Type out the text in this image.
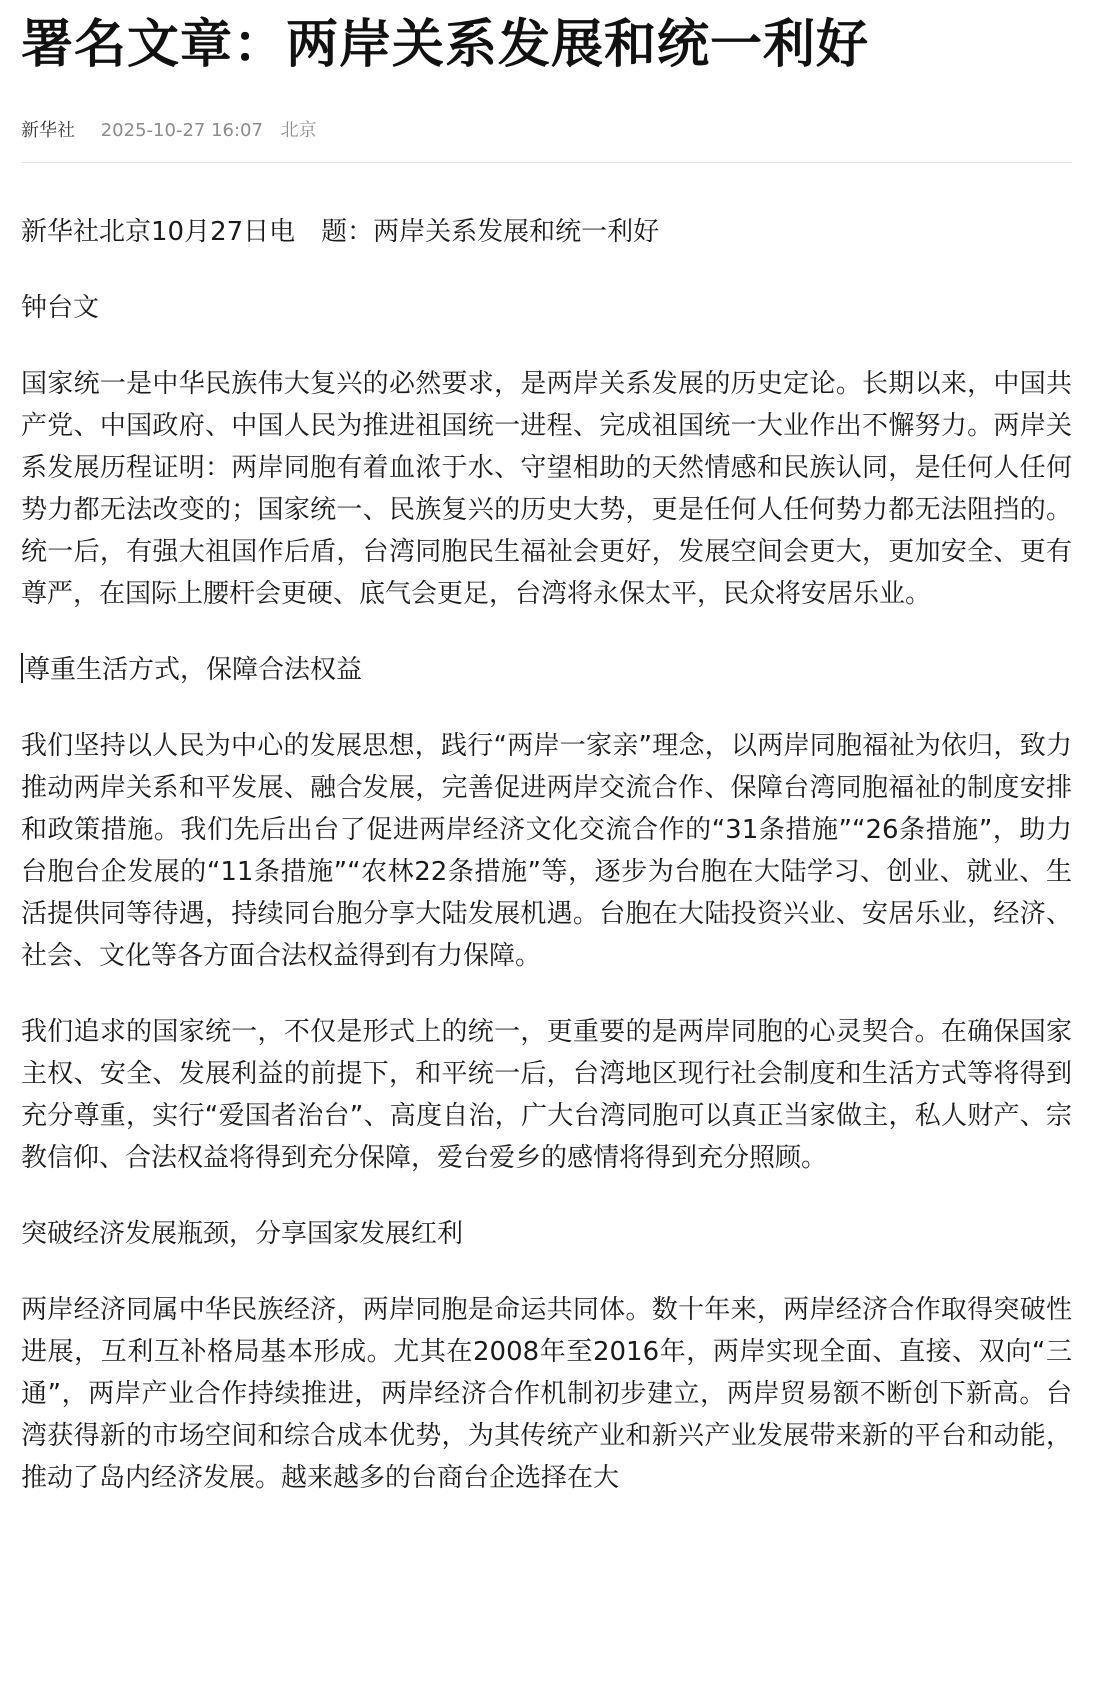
署名文章：两岸关系发展和统一利好
新华社 2025-10-27 16:07 北京

新华社北京10月27日电　题：两岸关系发展和统一利好

钟台文

国家统一是中华民族伟大复兴的必然要求，是两岸关系发展的历史定论。长期以来，中国共产党、中国政府、中国人民为推进祖国统一进程、完成祖国统一大业作出不懈努力。两岸关系发展历程证明：两岸同胞有着血浓于水、守望相助的天然情感和民族认同，是任何人任何势力都无法改变的；国家统一、民族复兴的历史大势，更是任何人任何势力都无法阻挡的。统一后，有强大祖国作后盾，台湾同胞民生福祉会更好，发展空间会更大，更加安全、更有尊严，在国际上腰杆会更硬、底气会更足，台湾将永保太平，民众将安居乐业。

尊重生活方式，保障合法权益

我们坚持以人民为中心的发展思想，践行“两岸一家亲”理念，以两岸同胞福祉为依归，致力推动两岸关系和平发展、融合发展，完善促进两岸交流合作、保障台湾同胞福祉的制度安排和政策措施。我们先后出台了促进两岸经济文化交流合作的“31条措施”“26条措施”，助力台胞台企发展的“11条措施”“农林22条措施”等，逐步为台胞在大陆学习、创业、就业、生活提供同等待遇，持续同台胞分享大陆发展机遇。台胞在大陆投资兴业、安居乐业，经济、社会、文化等各方面合法权益得到有力保障。

我们追求的国家统一，不仅是形式上的统一，更重要的是两岸同胞的心灵契合。在确保国家主权、安全、发展利益的前提下，和平统一后，台湾地区现行社会制度和生活方式等将得到充分尊重，实行“爱国者治台”、高度自治，广大台湾同胞可以真正当家做主，私人财产、宗教信仰、合法权益将得到充分保障，爱台爱乡的感情将得到充分照顾。

突破经济发展瓶颈，分享国家发展红利

两岸经济同属中华民族经济，两岸同胞是命运共同体。数十年来，两岸经济合作取得突破性进展，互利互补格局基本形成。尤其在2008年至2016年，两岸实现全面、直接、双向“三通”，两岸产业合作持续推进，两岸经济合作机制初步建立，两岸贸易额不断创下新高。台湾获得新的市场空间和综合成本优势，为其传统产业和新兴产业发展带来新的平台和动能，推动了岛内经济发展。越来越多的台商台企选择在大
